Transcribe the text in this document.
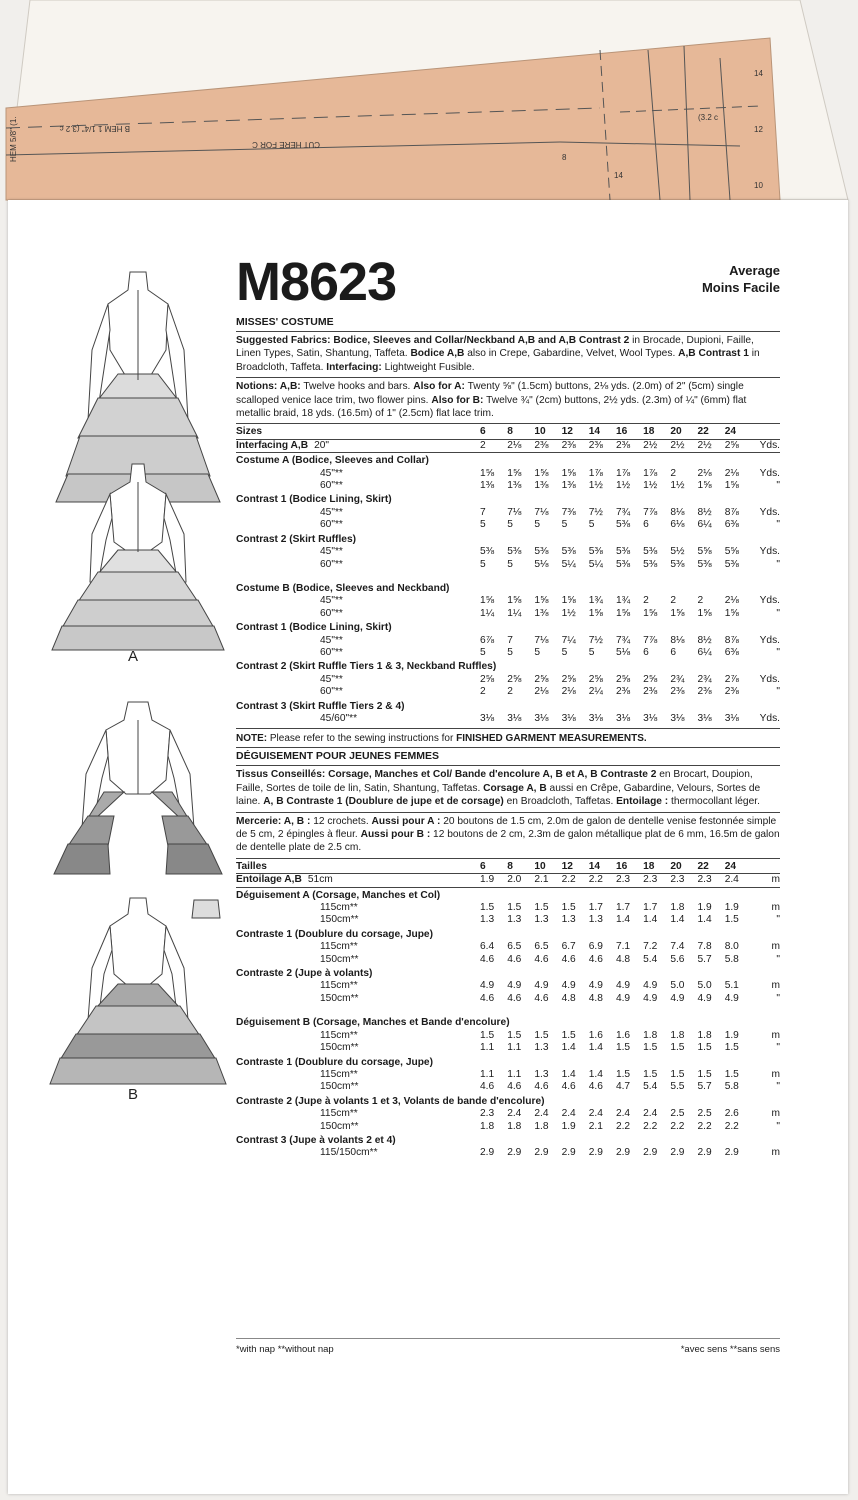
B HEM 1 1/4" (3.2 c
HEM 5/8" (1.	CUT HERE FOR C
8
14
14
12
10
(3.2 c
A
B
M8623	Average
Moins Facile
MISSES' COSTUME

Suggested Fabrics: Bodice, Sleeves and Collar/Neckband A,B and A,B Contrast 2 in Brocade, Dupioni, Faille, Linen Types, Satin, Shantung, Taffeta. Bodice A,B also in Crepe, Gabardine, Velvet, Wool Types. A,B Contrast 1 in Broadcloth, Taffeta. Interfacing: Lightweight Fusible.

Notions: A,B: Twelve hooks and bars. Also for A: Twenty ⅝" (1.5cm) buttons, 2⅛ yds. (2.0m) of 2" (5cm) single scalloped venice lace trim, two flower pins. Also for B: Twelve ¾" (2cm) buttons, 2½ yds. (2.3m) of ¼" (6mm) flat metallic braid, 18 yds. (16.5m) of 1" (2.5cm) flat lace trim.

Sizes	6	8	10	12	14	16	18	20	22	24	
Interfacing A,B 20"	2	2⅛	2⅜	2⅜	2⅜	2⅜	2½	2½	2½	2⅝	Yds.
Costume A (Bodice, Sleeves and Collar)											
45"**	1⅝	1⅝	1⅝	1⅝	1⅞	1⅞	1⅞	2	2⅛	2⅛	Yds.
60"**	1⅜	1⅜	1⅜	1⅜	1½	1½	1½	1½	1⅝	1⅝	"
Contrast 1 (Bodice Lining, Skirt)											
45"**	7	7⅛	7⅛	7⅜	7½	7¾	7⅞	8⅛	8½	8⅞	Yds.
60"**	5	5	5	5	5	5⅜	6	6⅛	6¼	6⅜	"
Contrast 2 (Skirt Ruffles)											
45"**	5⅜	5⅜	5⅜	5⅜	5⅜	5⅜	5⅜	5½	5⅝	5⅝	Yds.
60"**	5	5	5⅛	5¼	5¼	5⅜	5⅜	5⅜	5⅜	5⅜	"

Costume B (Bodice, Sleeves and Neckband)											
45"**	1⅝	1⅝	1⅝	1⅝	1¾	1¾	2	2	2	2⅛	Yds.
60"**	1¼	1¼	1⅜	1½	1⅝	1⅝	1⅝	1⅝	1⅝	1⅝	"
Contrast 1 (Bodice Lining, Skirt)											
45"**	6⅞	7	7⅛	7¼	7½	7¾	7⅞	8⅛	8½	8⅞	Yds.
60"**	5	5	5	5	5	5⅛	6	6	6¼	6⅜	"
Contrast 2 (Skirt Ruffle Tiers 1 & 3, Neckband Ruffles)											
45"**	2⅝	2⅝	2⅝	2⅝	2⅝	2⅝	2⅝	2¾	2¾	2⅞	Yds.
60"**	2	2	2⅛	2⅛	2¼	2⅜	2⅜	2⅜	2⅜	2⅜	"
Contrast 3 (Skirt Ruffle Tiers 2 & 4)											
45/60"**	3⅛	3⅛	3⅛	3⅛	3⅛	3⅛	3⅛	3⅛	3⅛	3⅛	Yds.
NOTE: Please refer to the sewing instructions for FINISHED GARMENT MEASUREMENTS.
DÉGUISEMENT POUR JEUNES FEMMES

Tissus Conseillés: Corsage, Manches et Col/ Bande d'encolure A, B et A, B Contraste 2 en Brocart, Doupion, Faille, Sortes de toile de lin, Satin, Shantung, Taffetas. Corsage A, B aussi en Crêpe, Gabardine, Velours, Sortes de laine. A, B Contraste 1 (Doublure de jupe et de corsage) en Broadcloth, Taffetas. Entoilage : thermocollant léger.

Mercerie: A, B : 12 crochets. Aussi pour A : 20 boutons de 1.5 cm, 2.0m de galon de dentelle venise festonnée simple de 5 cm, 2 épingles à fleur. Aussi pour B : 12 boutons de 2 cm, 2.3m de galon métallique plat de 6 mm, 16.5m de galon de dentelle plate de 2.5 cm.

Tailles	6	8	10	12	14	16	18	20	22	24	
Entoilage A,B 51cm	1.9	2.0	2.1	2.2	2.2	2.3	2.3	2.3	2.3	2.4	m
Déguisement A (Corsage, Manches et Col)											
115cm**	1.5	1.5	1.5	1.5	1.7	1.7	1.7	1.8	1.9	1.9	m
150cm**	1.3	1.3	1.3	1.3	1.3	1.4	1.4	1.4	1.4	1.5	"
Contraste 1 (Doublure du corsage, Jupe)											
115cm**	6.4	6.5	6.5	6.7	6.9	7.1	7.2	7.4	7.8	8.0	m
150cm**	4.6	4.6	4.6	4.6	4.6	4.8	5.4	5.6	5.7	5.8	"
Contraste 2 (Jupe à volants)											
115cm**	4.9	4.9	4.9	4.9	4.9	4.9	4.9	5.0	5.0	5.1	m
150cm**	4.6	4.6	4.6	4.8	4.8	4.9	4.9	4.9	4.9	4.9	"

Déguisement B (Corsage, Manches et Bande d'encolure)											
115cm**	1.5	1.5	1.5	1.5	1.6	1.6	1.8	1.8	1.8	1.9	m
150cm**	1.1	1.1	1.3	1.4	1.4	1.5	1.5	1.5	1.5	1.5	"
Contraste 1 (Doublure du corsage, Jupe)											
115cm**	1.1	1.1	1.3	1.4	1.4	1.5	1.5	1.5	1.5	1.5	m
150cm**	4.6	4.6	4.6	4.6	4.6	4.7	5.4	5.5	5.7	5.8	"
Contraste 2 (Jupe à volants 1 et 3, Volants de bande d'encolure)											
115cm**	2.3	2.4	2.4	2.4	2.4	2.4	2.4	2.5	2.5	2.6	m
150cm**	1.8	1.8	1.8	1.9	2.1	2.2	2.2	2.2	2.2	2.2	"
Contrast 3 (Jupe à volants 2 et 4)											
115/150cm**	2.9	2.9	2.9	2.9	2.9	2.9	2.9	2.9	2.9	2.9	m
*with nap **without nap	*avec sens **sans sens
